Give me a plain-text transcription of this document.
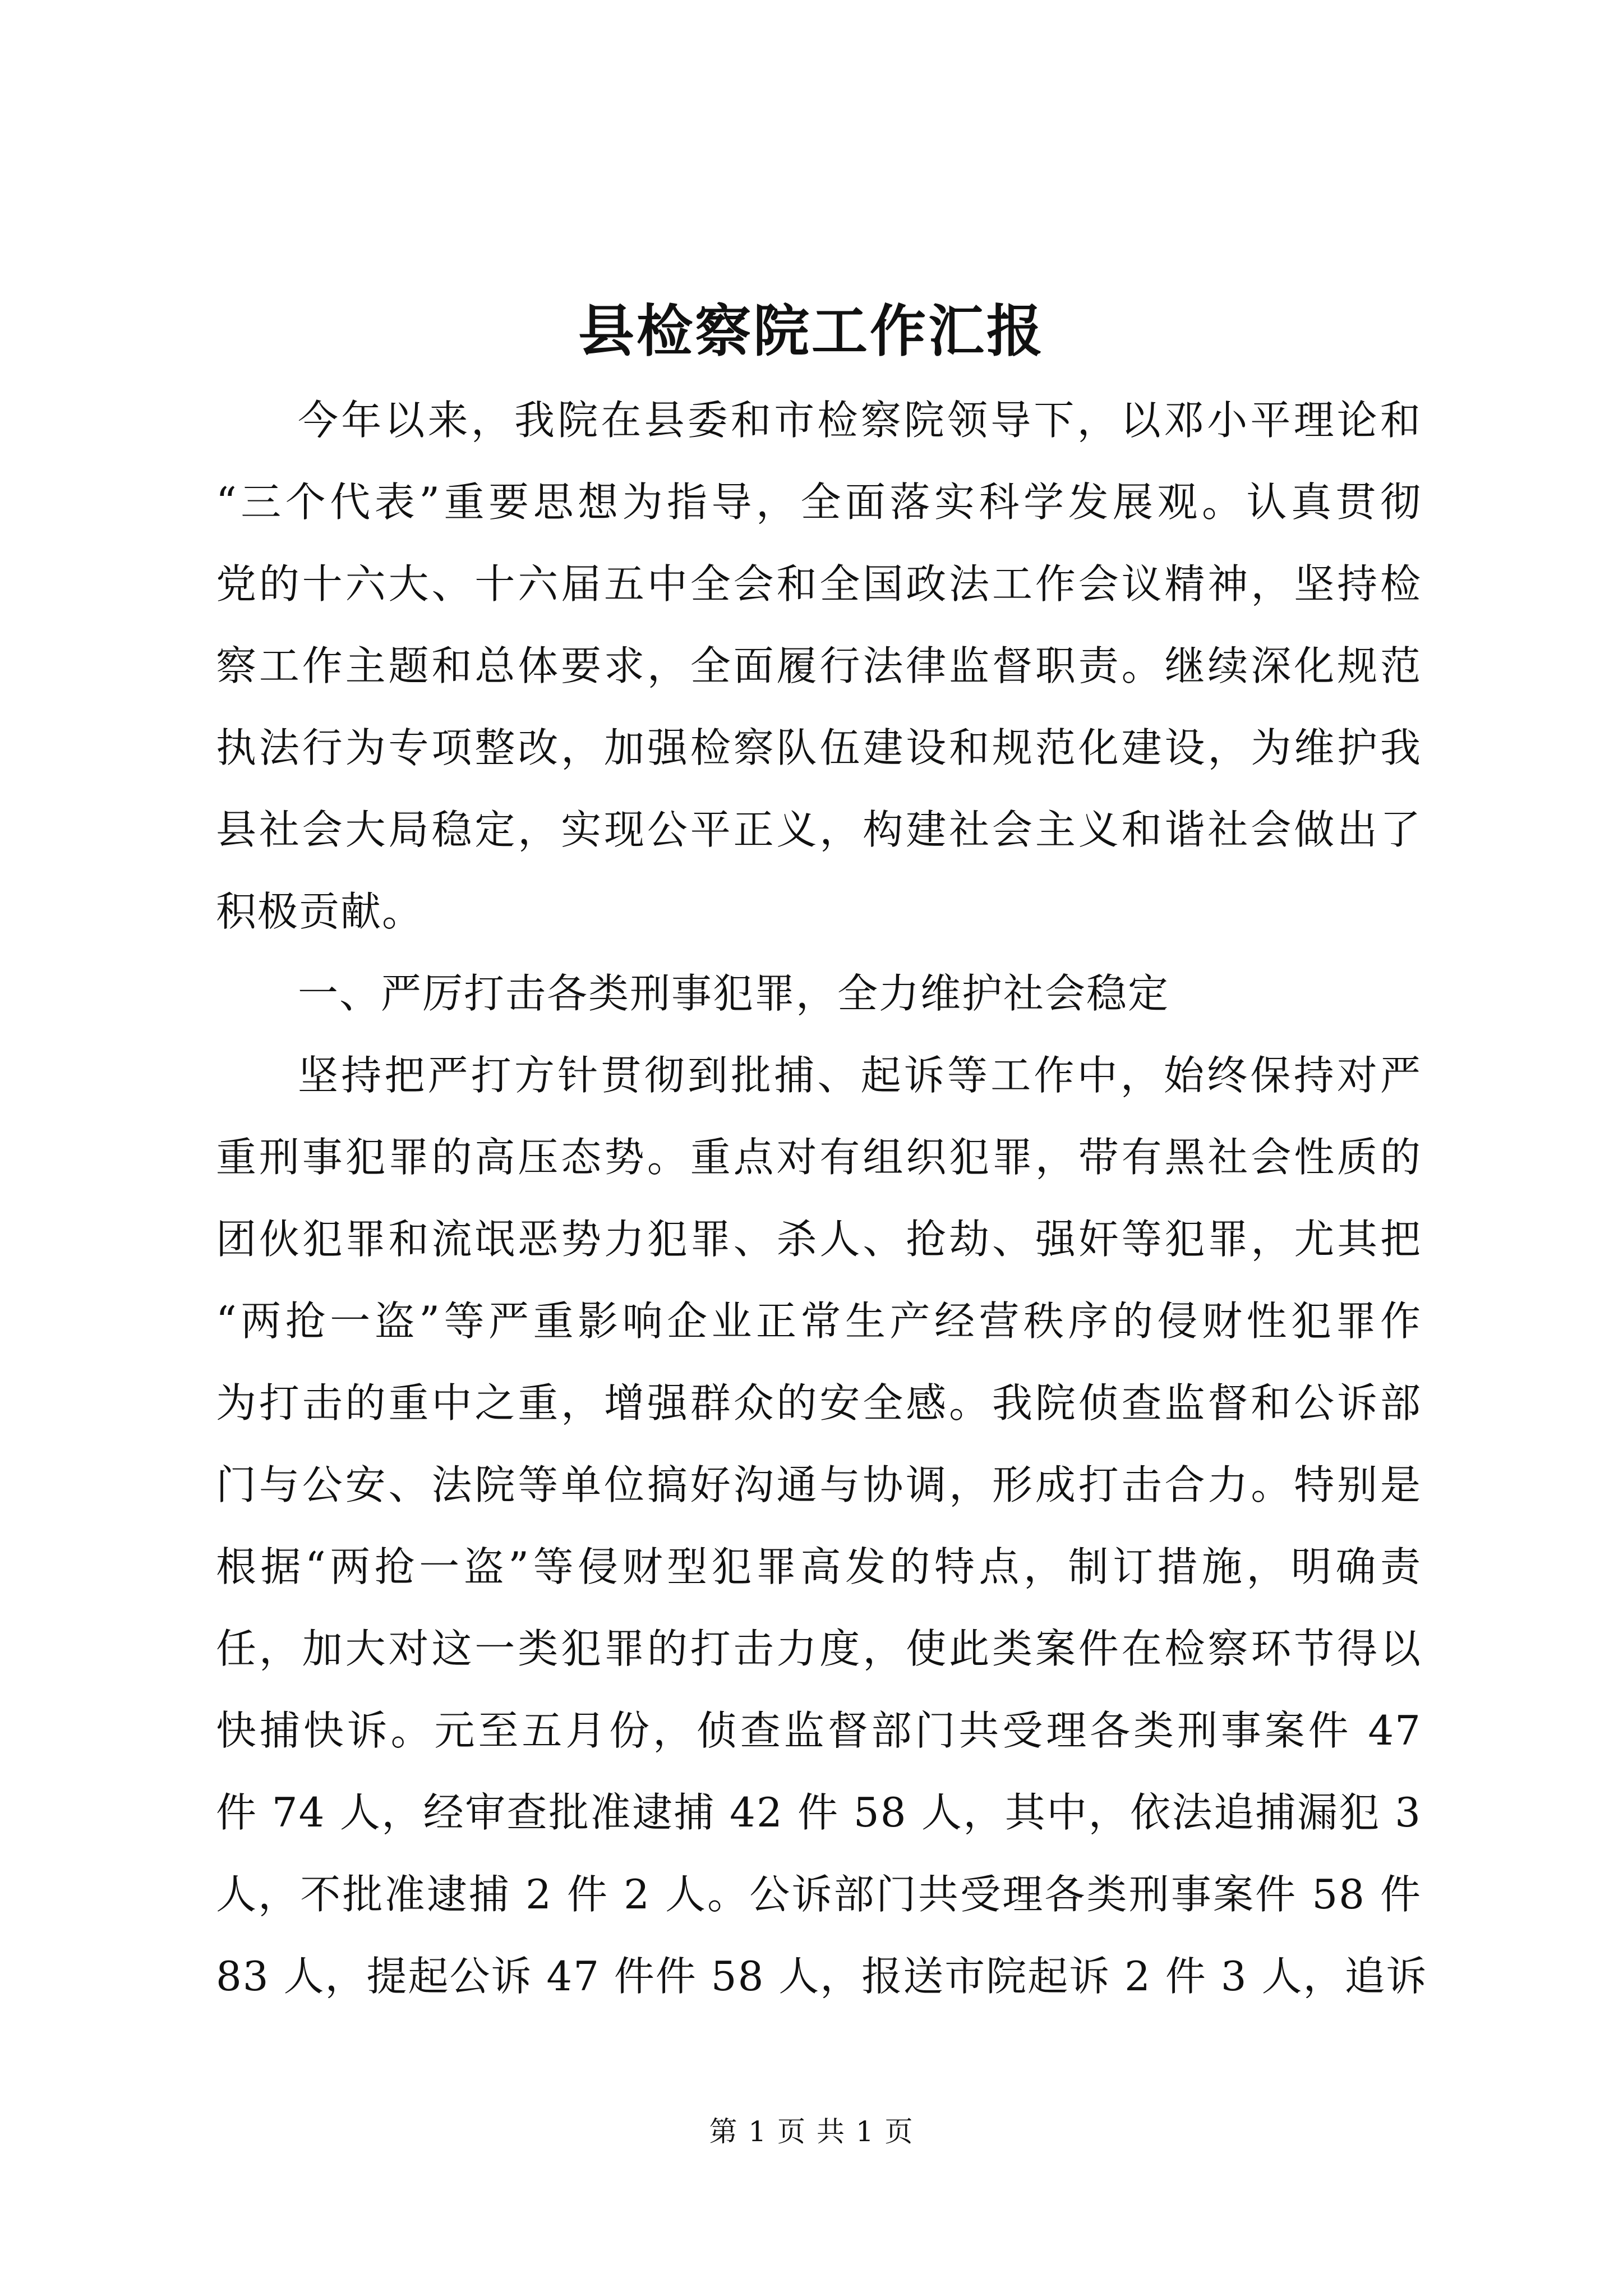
县检察院工作汇报
今年以来，我院在县委和市检察院领导下，以邓小平理论和
“三个代表”重要思想为指导，全面落实科学发展观。认真贯彻
党的十六大、十六届五中全会和全国政法工作会议精神，坚持检
察工作主题和总体要求，全面履行法律监督职责。继续深化规范
执法行为专项整改，加强检察队伍建设和规范化建设，为维护我
县社会大局稳定，实现公平正义，构建社会主义和谐社会做出了
积极贡献。
一、严厉打击各类刑事犯罪，全力维护社会稳定
坚持把严打方针贯彻到批捕、起诉等工作中，始终保持对严
重刑事犯罪的高压态势。重点对有组织犯罪，带有黑社会性质的
团伙犯罪和流氓恶势力犯罪、杀人、抢劫、强奸等犯罪，尤其把
“两抢一盗”等严重影响企业正常生产经营秩序的侵财性犯罪作
为打击的重中之重，增强群众的安全感。我院侦查监督和公诉部
门与公安、法院等单位搞好沟通与协调，形成打击合力。特别是
根据“两抢一盗”等侵财型犯罪高发的特点，制订措施，明确责
任，加大对这一类犯罪的打击力度，使此类案件在检察环节得以
快捕快诉。元至五月份，侦查监督部门共受理各类刑事案件 47
件 74 人，经审查批准逮捕 42 件 58 人，其中，依法追捕漏犯 3
人，不批准逮捕 2 件 2 人。公诉部门共受理各类刑事案件 58 件
83 人，提起公诉 47 件件 58 人，报送市院起诉 2 件 3 人，追诉
第 1 页 共 1 页
